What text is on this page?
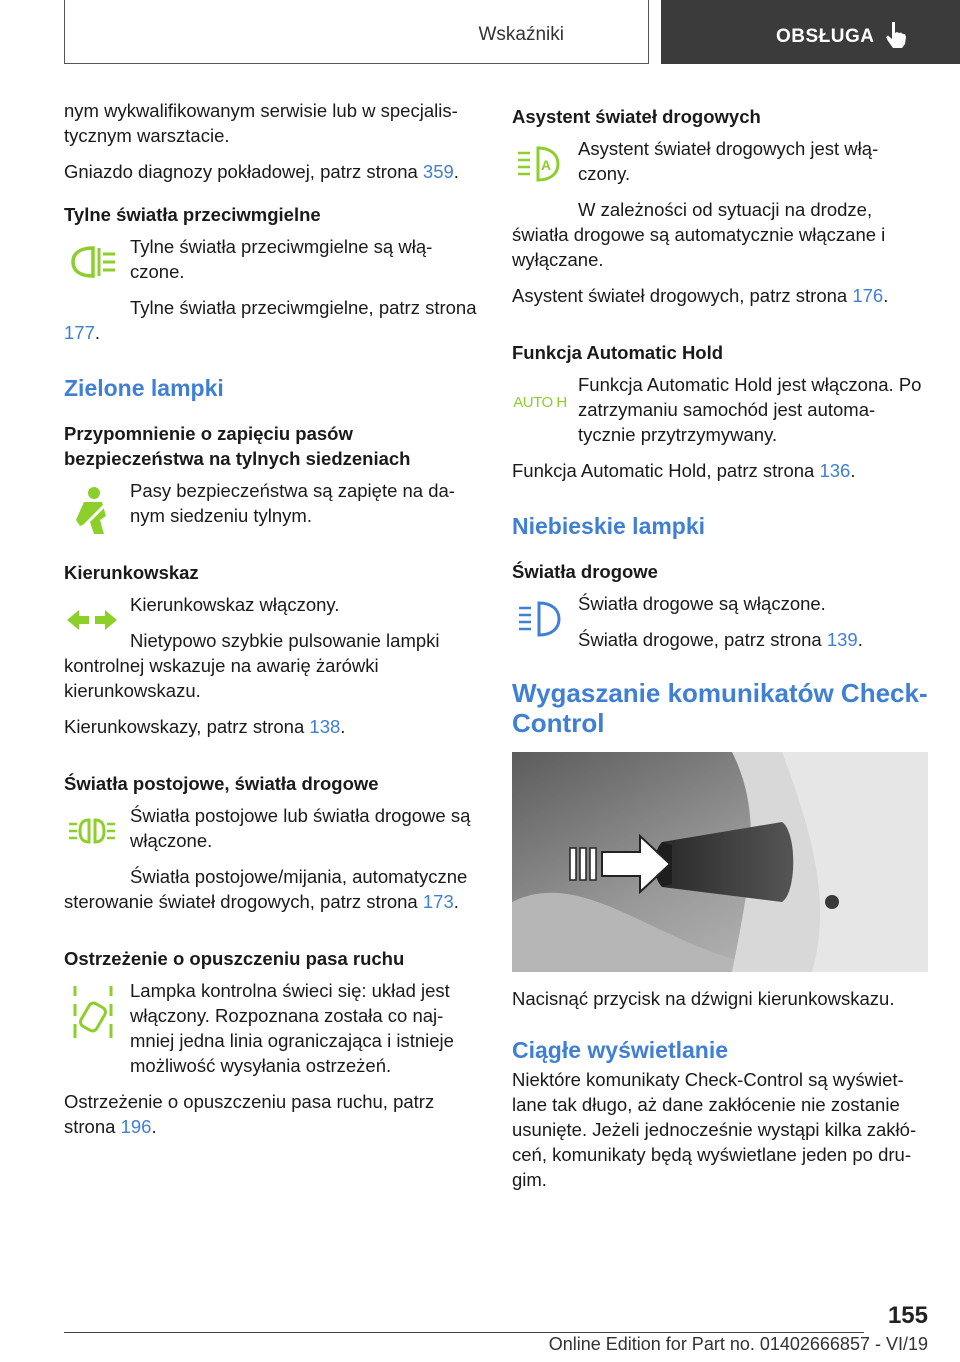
Wskaźniki	OBSŁUGA

nym wykwalifikowanym serwisie lub w specjalis-tycznym warsztacie.

Gniazdo diagnozy pokładowej, patrz strona 359.

Tylne światła przeciwmgielne

Tylne światła przeciwmgielne są włą-czone.

Tylne światła przeciwmgielne, patrz strona 177.

Zielone lampki
Przypomnienie o zapięciu pasów bezpieczeństwa na tylnych siedzeniach

Pasy bezpieczeństwa są zapięte na da-nym siedzeniu tylnym.

Kierunkowskaz

Kierunkowskaz włączony.

Nietypowo szybkie pulsowanie lampki kontrolnej wskazuje na awarię żarówki kierunkowskazu.

Kierunkowskazy, patrz strona 138.

Światła postojowe, światła drogowe

Światła postojowe lub światła drogowe są włączone.

Światła postojowe/mijania, automatyczne sterowanie świateł drogowych, patrz strona 173.

Ostrzeżenie o opuszczeniu pasa ruchu

Lampka kontrolna świeci się: układ jest włączony. Rozpoznana została co naj-mniej jedna linia ograniczająca i istnieje możliwość wysyłania ostrzeżeń.

Ostrzeżenie o opuszczeniu pasa ruchu, patrz strona 196.

Asystent świateł drogowych
A

Asystent świateł drogowych jest włą-czony.

W zależności od sytuacji na drodze, światła drogowe są automatycznie włączane i wyłączane.

Asystent świateł drogowych, patrz strona 176.

Funkcja Automatic Hold
AUTO H

Funkcja Automatic Hold jest włączona. Po zatrzymaniu samochód jest automa-tycznie przytrzymywany.

Funkcja Automatic Hold, patrz strona 136.

Niebieskie lampki
Światła drogowe

Światła drogowe są włączone.

Światła drogowe, patrz strona 139.

Wygaszanie komunikatów Check-Control

Nacisnąć przycisk na dźwigni kierunkowskazu.

Ciągłe wyświetlanie

Niektóre komunikaty Check-Control są wyświet-lane tak długo, aż dane zakłócenie nie zostanie usunięte. Jeżeli jednocześnie wystąpi kilka zakłó-ceń, komunikaty będą wyświetlane jeden po dru-gim.

155
Online Edition for Part no. 01402666857 - VI/19
